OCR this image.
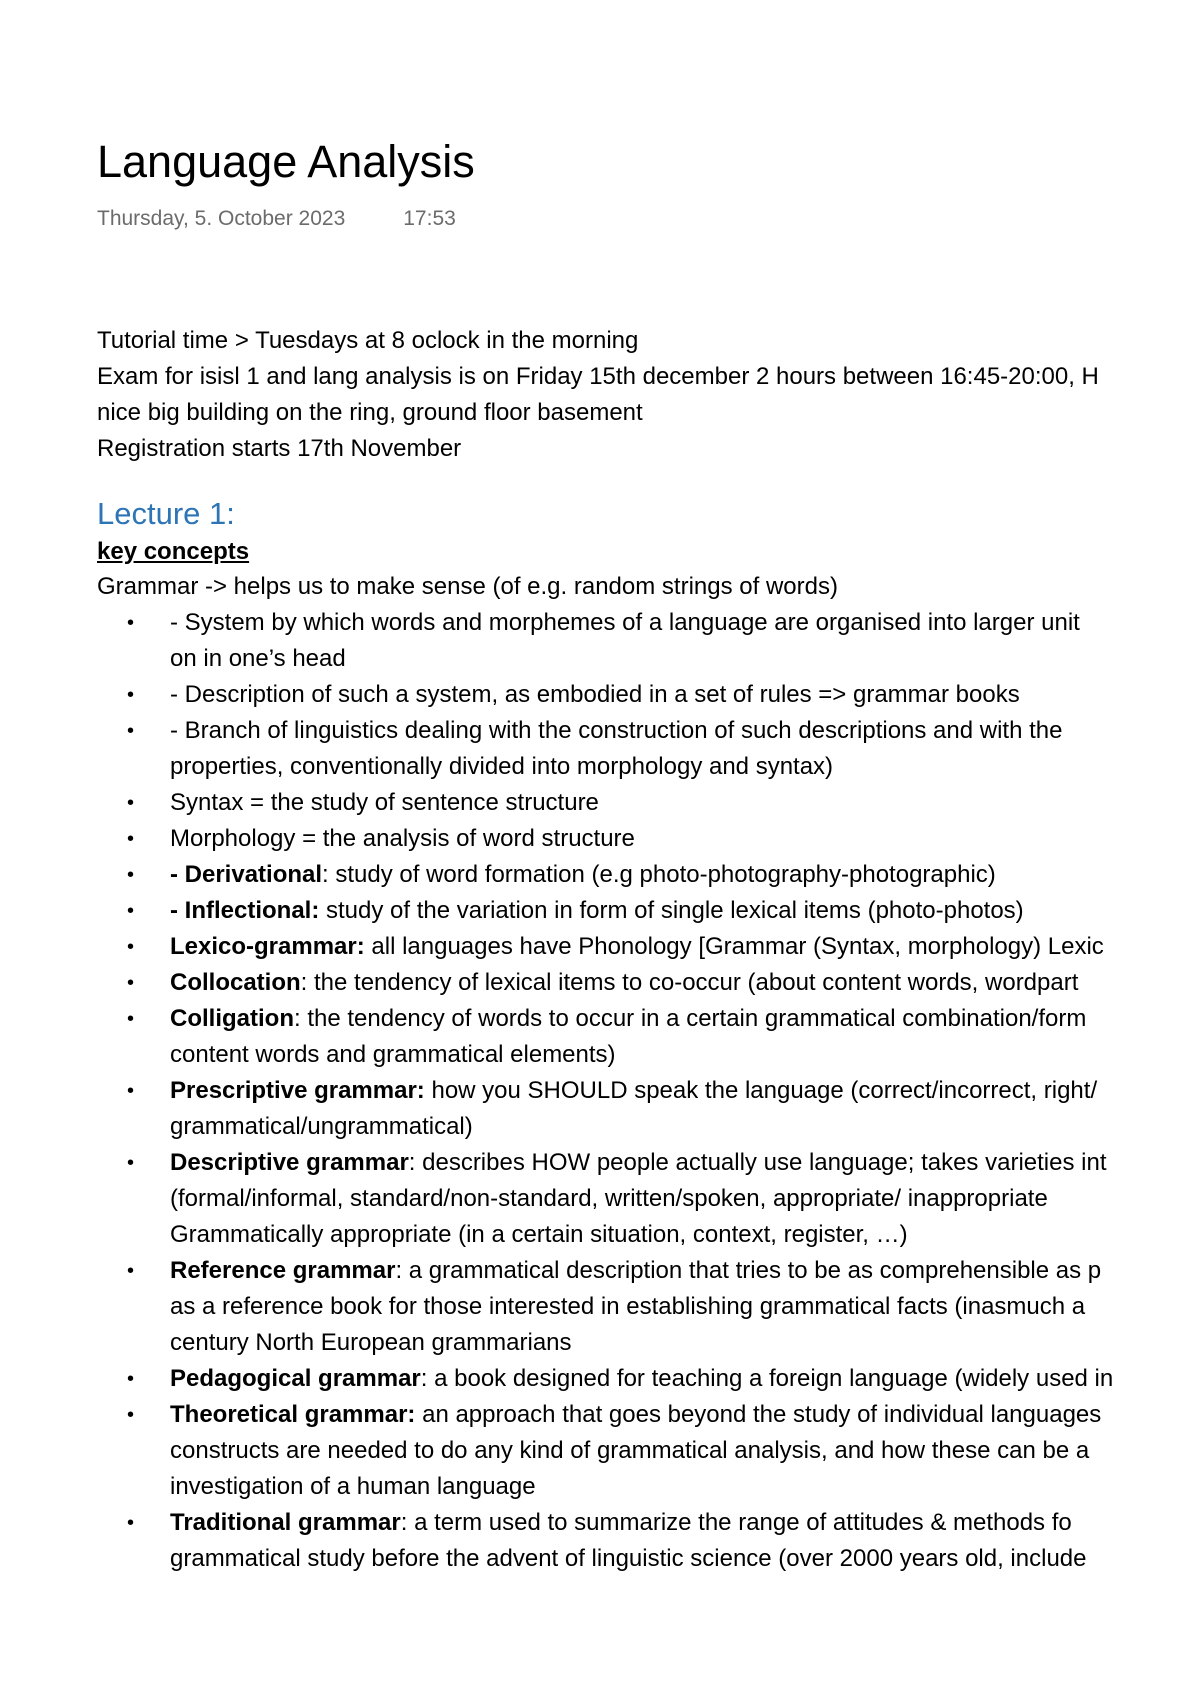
Language Analysis
Thursday, 5. October 2023	17:53
Tutorial time > Tuesdays at 8 oclock in the morning
Exam for isisl 1 and lang analysis is on Friday 15th december 2 hours between 16:45-20:00, H
nice big building on the ring, ground floor basement
Registration starts 17th November
Lecture 1:
key concepts
Grammar -> helps us to make sense (of e.g. random strings of words)
• - System by which words and morphemes of a language are organised into larger unit
on in one’s head
• - Description of such a system, as embodied in a set of rules => grammar books
• - Branch of linguistics dealing with the construction of such descriptions and with the
properties, conventionally divided into morphology and syntax)
• Syntax = the study of sentence structure
• Morphology = the analysis of word structure
• - Derivational: study of word formation (e.g photo-photography-photographic)
• - Inflectional: study of the variation in form of single lexical items (photo-photos)
• Lexico-grammar: all languages have Phonology [Grammar (Syntax, morphology) Lexic
• Collocation: the tendency of lexical items to co-occur (about content words, wordpart
• Colligation: the tendency of words to occur in a certain grammatical combination/form
content words and grammatical elements)
• Prescriptive grammar: how you SHOULD speak the language (correct/incorrect, right/
grammatical/ungrammatical)
• Descriptive grammar: describes HOW people actually use language; takes varieties int
(formal/informal, standard/non-standard, written/spoken, appropriate/ inappropriate
Grammatically appropriate (in a certain situation, context, register, …)
• Reference grammar: a grammatical description that tries to be as comprehensible as p
as a reference book for those interested in establishing grammatical facts (inasmuch a
century North European grammarians
• Pedagogical grammar: a book designed for teaching a foreign language (widely used in
• Theoretical grammar: an approach that goes beyond the study of individual languages
constructs are needed to do any kind of grammatical analysis, and how these can be a
investigation of a human language
• Traditional grammar: a term used to summarize the range of attitudes & methods fo
grammatical study before the advent of linguistic science (over 2000 years old, include
